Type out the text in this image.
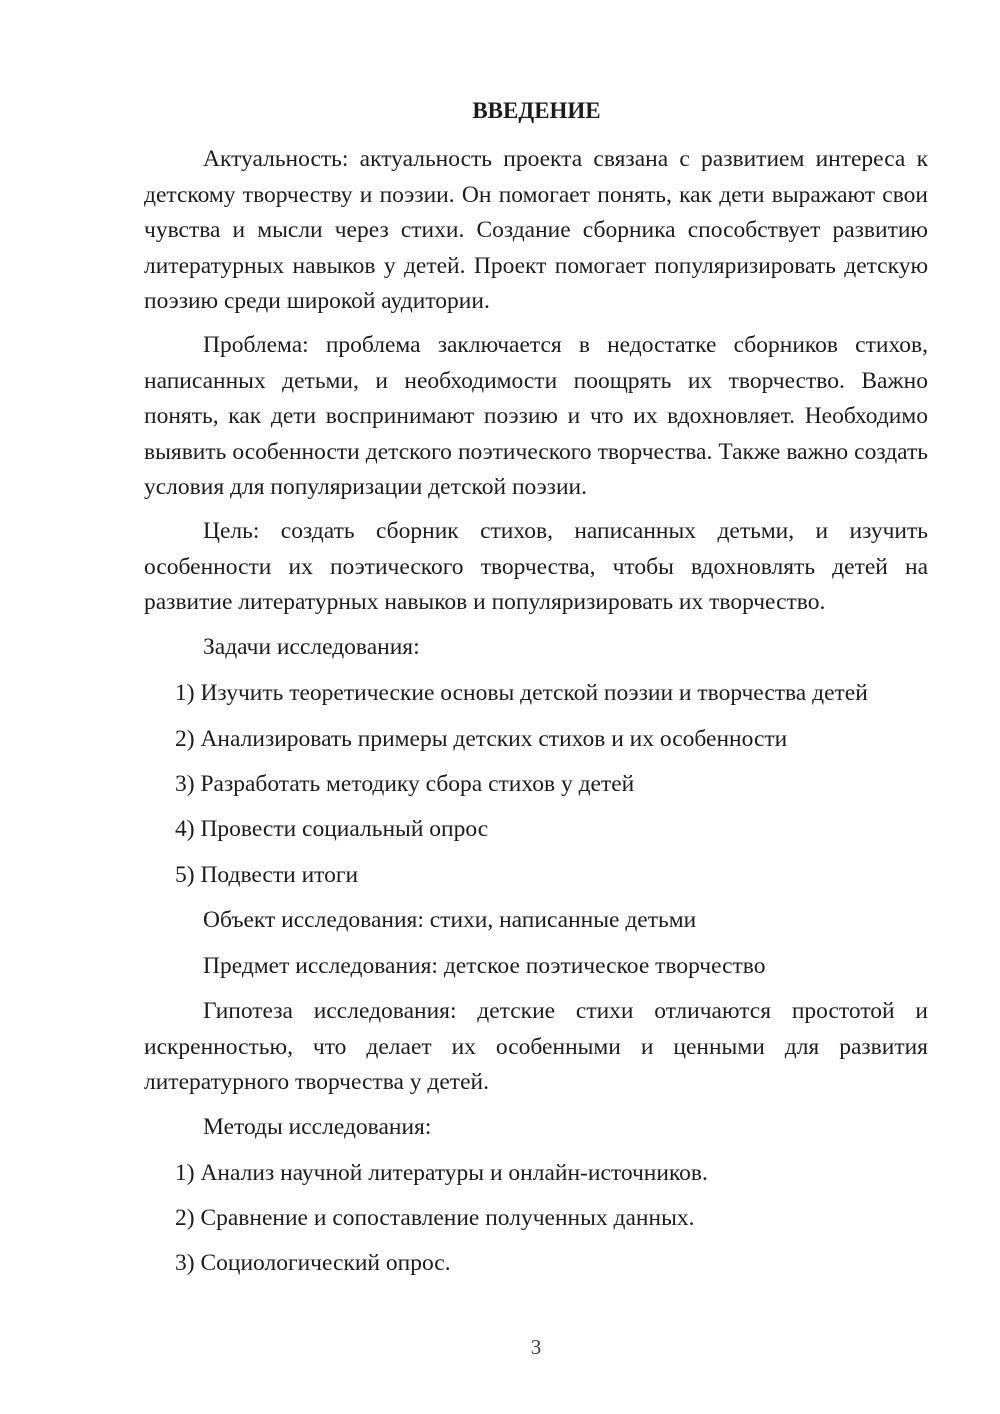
ВВЕДЕНИЕ

Актуальность: актуальность проекта связана с развитием интереса к детскому творчеству и поэзии. Он помогает понять, как дети выражают свои чувства и мысли через стихи. Создание сборника способствует развитию литературных навыков у детей. Проект помогает популяризировать детскую поэзию среди широкой аудитории.

Проблема: проблема заключается в недостатке сборников стихов, написанных детьми, и необходимости поощрять их творчество. Важно понять, как дети воспринимают поэзию и что их вдохновляет. Необходимо выявить особенности детского поэтического творчества. Также важно создать условия для популяризации детской поэзии.

Цель: создать сборник стихов, написанных детьми, и изучить особенности их поэтического творчества, чтобы вдохновлять детей на развитие литературных навыков и популяризировать их творчество.

Задачи исследования:

1) Изучить теоретические основы детской поэзии и творчества детей

2) Анализировать примеры детских стихов и их особенности

3) Разработать методику сбора стихов у детей

4) Провести социальный опрос

5) Подвести итоги

Объект исследования: стихи, написанные детьми

Предмет исследования: детское поэтическое творчество

Гипотеза исследования: детские стихи отличаются простотой и искренностью, что делает их особенными и ценными для развития литературного творчества у детей.

Методы исследования:

1) Анализ научной литературы и онлайн-источников.

2) Сравнение и сопоставление полученных данных.

3) Социологический опрос.

3
